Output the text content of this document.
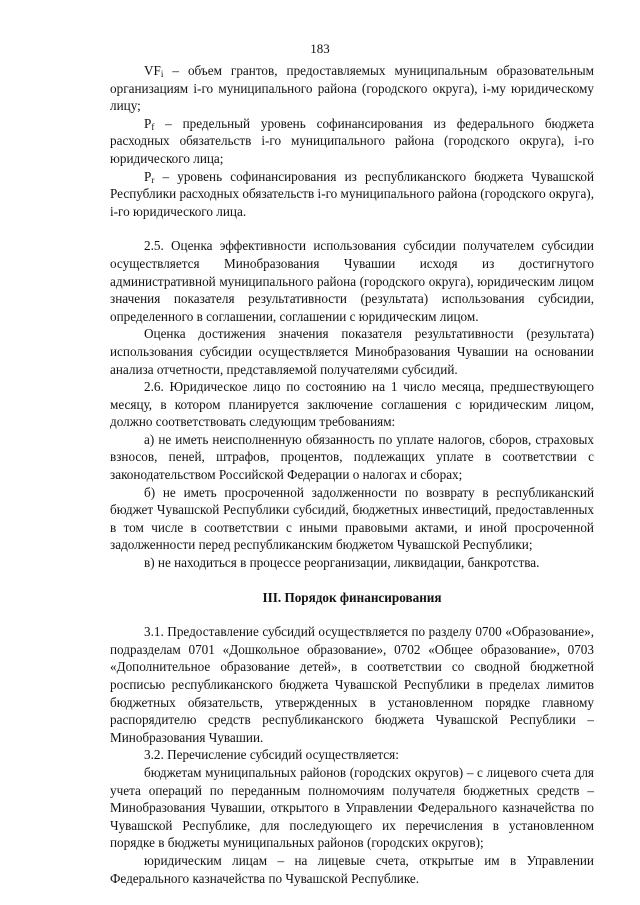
183

$VF_i$ – объем грантов, предоставляемых муниципальным образовательным организациям i-го муниципального района (городского округа), i-му юридическому лицу;

$P_f$ – предельный уровень софинансирования из федерального бюджета расходных обязательств i-го муниципального района (городского округа), i-го юридического лица;

$P_r$ – уровень софинансирования из республиканского бюджета Чувашской Республики расходных обязательств i-го муниципального района (городского округа), i-го юридического лица.

2.5. Оценка эффективности использования субсидии получателем субсидии осуществляется Минобразования Чувашии исходя из достигнутого административной муниципального района (городского округа), юридическим лицом значения показателя результативности (результата) использования субсидии, определенного в соглашении, соглашении с юридическим лицом.

Оценка достижения значения показателя результативности (результата) использования субсидии осуществляется Минобразования Чувашии на основании анализа отчетности, представляемой получателями субсидий.

2.6. Юридическое лицо по состоянию на 1 число месяца, предшествующего месяцу, в котором планируется заключение соглашения с юридическим лицом, должно соответствовать следующим требованиям:

а) не иметь неисполненную обязанность по уплате налогов, сборов, страховых взносов, пеней, штрафов, процентов, подлежащих уплате в соответствии с законодательством Российской Федерации о налогах и сборах;

б) не иметь просроченной задолженности по возврату в республиканский бюджет Чувашской Республики субсидий, бюджетных инвестиций, предоставленных в том числе в соответствии с иными правовыми актами, и иной просроченной задолженности перед республиканским бюджетом Чувашской Республики;

в) не находиться в процессе реорганизации, ликвидации, банкротства.

III. Порядок финансирования

3.1. Предоставление субсидий осуществляется по разделу 0700 «Образование», подразделам 0701 «Дошкольное образование», 0702 «Общее образование», 0703 «Дополнительное образование детей», в соответствии со сводной бюджетной росписью республиканского бюджета Чувашской Республики в пределах лимитов бюджетных обязательств, утвержденных в установленном порядке главному распорядителю средств республиканского бюджета Чувашской Республики – Минобразования Чувашии.

3.2. Перечисление субсидий осуществляется:

бюджетам муниципальных районов (городских округов) – с лицевого счета для учета операций по переданным полномочиям получателя бюджетных средств – Минобразования Чувашии, открытого в Управлении Федерального казначейства по Чувашской Республике, для последующего их перечисления в установленном порядке в бюджеты муниципальных районов (городских округов);

юридическим лицам – на лицевые счета, открытые им в Управлении Федерального казначейства по Чувашской Республике.
